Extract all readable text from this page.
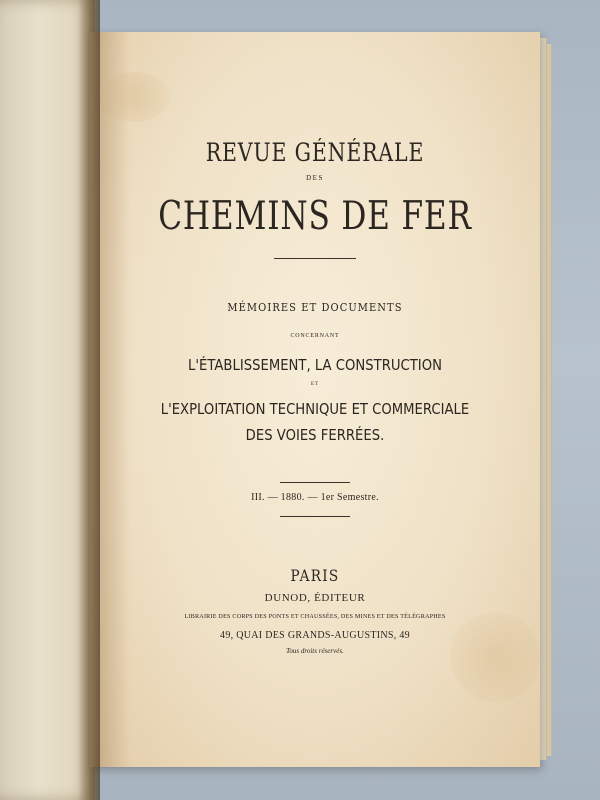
REVUE GÉNÉRALE
DES
CHEMINS DE FER
MÉMOIRES ET DOCUMENTS
CONCERNANT
L'ÉTABLISSEMENT, LA CONSTRUCTION
ET
L'EXPLOITATION TECHNIQUE ET COMMERCIALE
DES VOIES FERRÉES.
III. — 1880. — 1er Semestre.
PARIS
DUNOD, ÉDITEUR
LIBRAIRIE DES CORPS DES PONTS ET CHAUSSÉES, DES MINES ET DES TÉLÉGRAPHES
49, QUAI DES GRANDS-AUGUSTINS, 49
Tous droits réservés.
